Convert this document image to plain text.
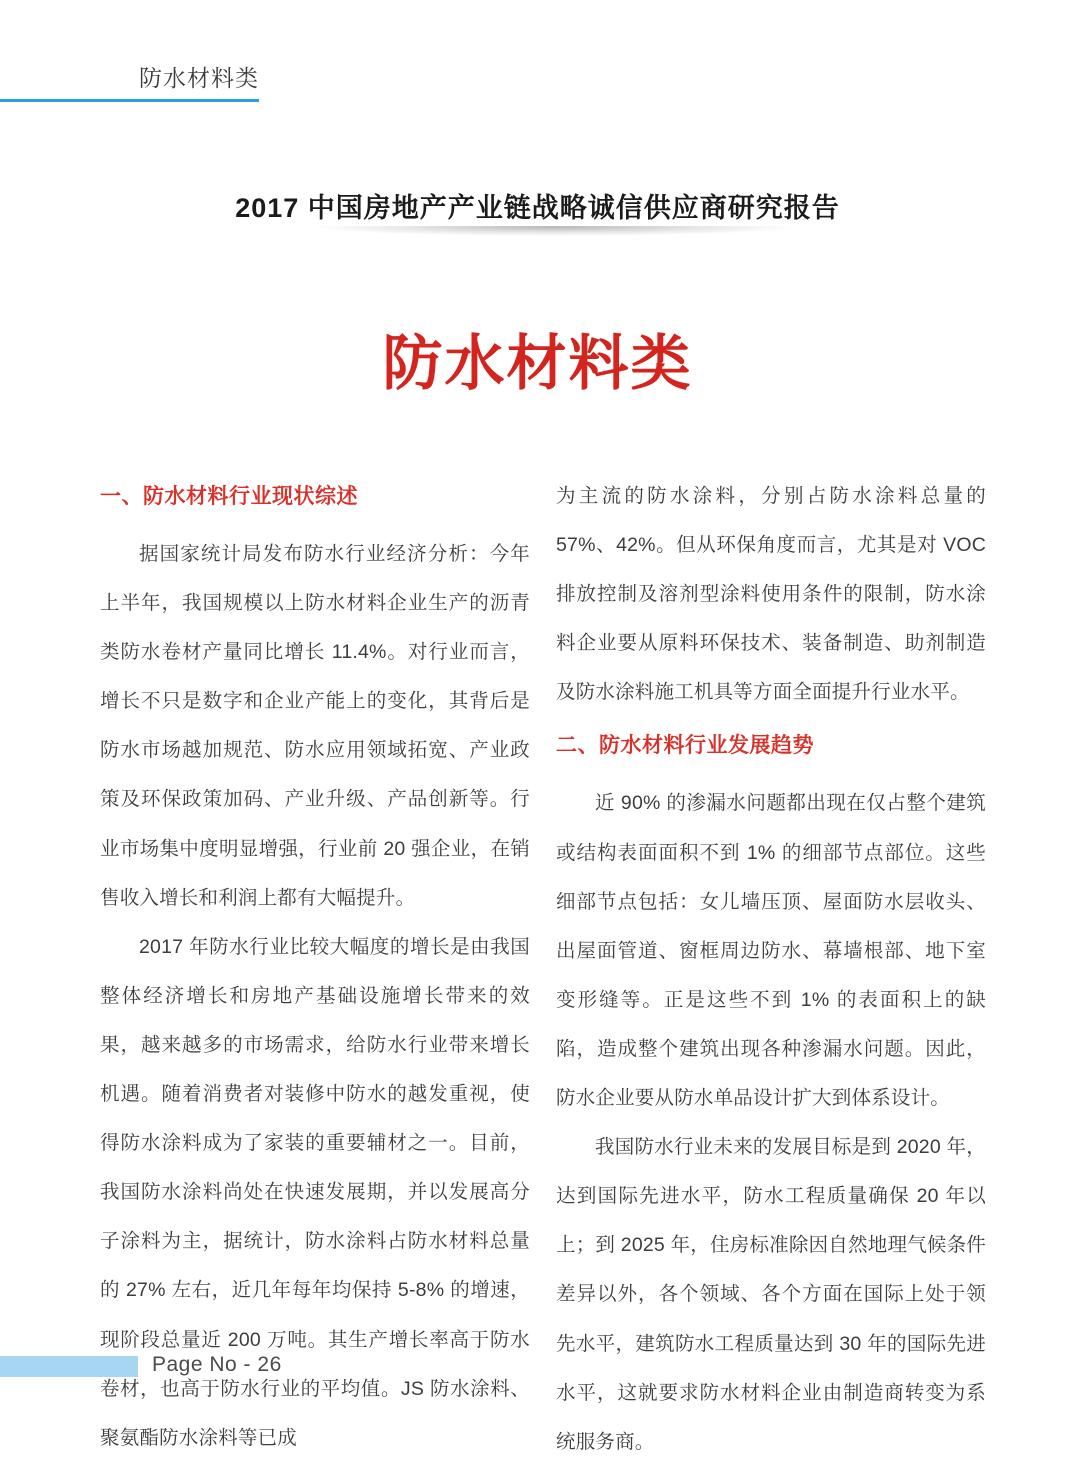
防水材料类
2017 中国房地产产业链战略诚信供应商研究报告
防水材料类
一、防水材料行业现状综述

据国家统计局发布防水行业经济分析：今年上半年，我国规模以上防水材料企业生产的沥青类防水卷材产量同比增长 11.4%。对行业而言，增长不只是数字和企业产能上的变化，其背后是防水市场越加规范、防水应用领域拓宽、产业政策及环保政策加码、产业升级、产品创新等。行业市场集中度明显增强，行业前 20 强企业，在销售收入增长和利润上都有大幅提升。

2017 年防水行业比较大幅度的增长是由我国整体经济增长和房地产基础设施增长带来的效果，越来越多的市场需求，给防水行业带来增长机遇。随着消费者对装修中防水的越发重视，使得防水涂料成为了家装的重要辅材之一。目前，我国防水涂料尚处在快速发展期，并以发展高分子涂料为主，据统计，防水涂料占防水材料总量的 27% 左右，近几年每年均保持 5-8% 的增速，现阶段总量近 200 万吨。其生产增长率高于防水卷材，也高于防水行业的平均值。JS 防水涂料、聚氨酯防水涂料等已成

为主流的防水涂料，分别占防水涂料总量的 57%、42%。但从环保角度而言，尤其是对 VOC 排放控制及溶剂型涂料使用条件的限制，防水涂料企业要从原料环保技术、装备制造、助剂制造及防水涂料施工机具等方面全面提升行业水平。

二、防水材料行业发展趋势

近 90% 的渗漏水问题都出现在仅占整个建筑或结构表面面积不到 1% 的细部节点部位。这些细部节点包括：女儿墙压顶、屋面防水层收头、出屋面管道、窗框周边防水、幕墙根部、地下室变形缝等。正是这些不到 1% 的表面积上的缺陷，造成整个建筑出现各种渗漏水问题。因此，防水企业要从防水单品设计扩大到体系设计。

我国防水行业未来的发展目标是到 2020 年，达到国际先进水平，防水工程质量确保 20 年以上；到 2025 年，住房标准除因自然地理气候条件差异以外，各个领域、各个方面在国际上处于领先水平，建筑防水工程质量达到 30 年的国际先进水平，这就要求防水材料企业由制造商转变为系统服务商。

Page No - 26
